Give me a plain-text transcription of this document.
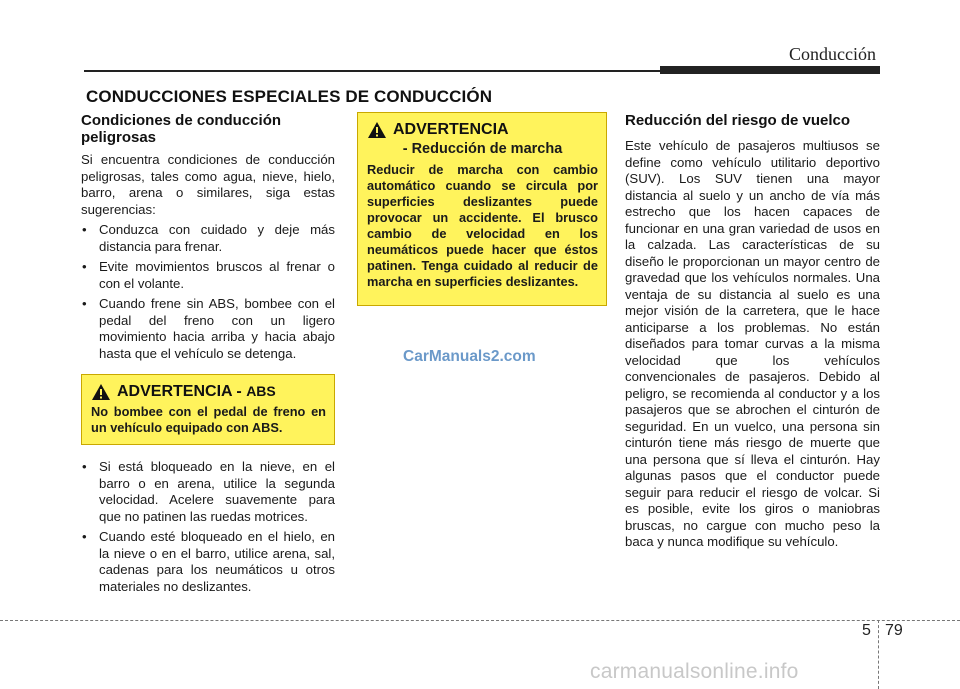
Conducción
CONDUCCIONES ESPECIALES DE CONDUCCIÓN
Condiciones de conducción peligrosas

Si encuentra condiciones de conducción peligrosas, tales como agua, nieve, hielo, barro, arena o similares, siga estas sugerencias:

• Conduzca con cuidado y deje más distancia para frenar.
• Evite movimientos bruscos al frenar o con el volante.
• Cuando frene sin ABS, bombee con el pedal del freno con un ligero movimiento hacia arriba y hacia abajo hasta que el vehículo se detenga.
ADVERTENCIA - ABS
No bombee con el pedal de freno en un vehículo equipado con ABS.
• Si está bloqueado en la nieve, en el barro o en arena, utilice la segunda velocidad. Acelere suavemente para que no patinen las ruedas motrices.
• Cuando esté bloqueado en el hielo, en la nieve o en el barro, utilice arena, sal, cadenas para los neumáticos u otros materiales no deslizantes.
ADVERTENCIA
- Reducción de marcha
Reducir de marcha con cambio automático cuando se circula por superficies deslizantes puede provocar un accidente. El brusco cambio de velocidad en los neumáticos puede hacer que éstos patinen. Tenga cuidado al reducir de marcha en superficies deslizantes.
Reducción del riesgo de vuelco

Este vehículo de pasajeros multiusos se define como vehículo utilitario deportivo (SUV). Los SUV tienen una mayor distancia al suelo y un ancho de vía más estrecho que los hacen capaces de funcionar en una gran variedad de usos en la calzada. Las características de su diseño le proporcionan un mayor centro de gravedad que los vehículos normales. Una ventaja de su distancia al suelo es una mejor visión de la carretera, que le hace anticiparse a los problemas. No están diseñados para tomar curvas a la misma velocidad que los vehículos convencionales de pasajeros. Debido al peligro, se recomienda al conductor y a los pasajeros que se abrochen el cinturón de seguridad. En un vuelco, una persona sin cinturón tiene más riesgo de muerte que una persona que sí lleva el cinturón. Hay algunas pasos que el conductor puede seguir para reducir el riesgo de volcar. Si es posible, evite los giros o maniobras bruscas, no cargue con mucho peso la baca y nunca modifique su vehículo.

CarManuals2.com
5 79
carmanualsonline.info
